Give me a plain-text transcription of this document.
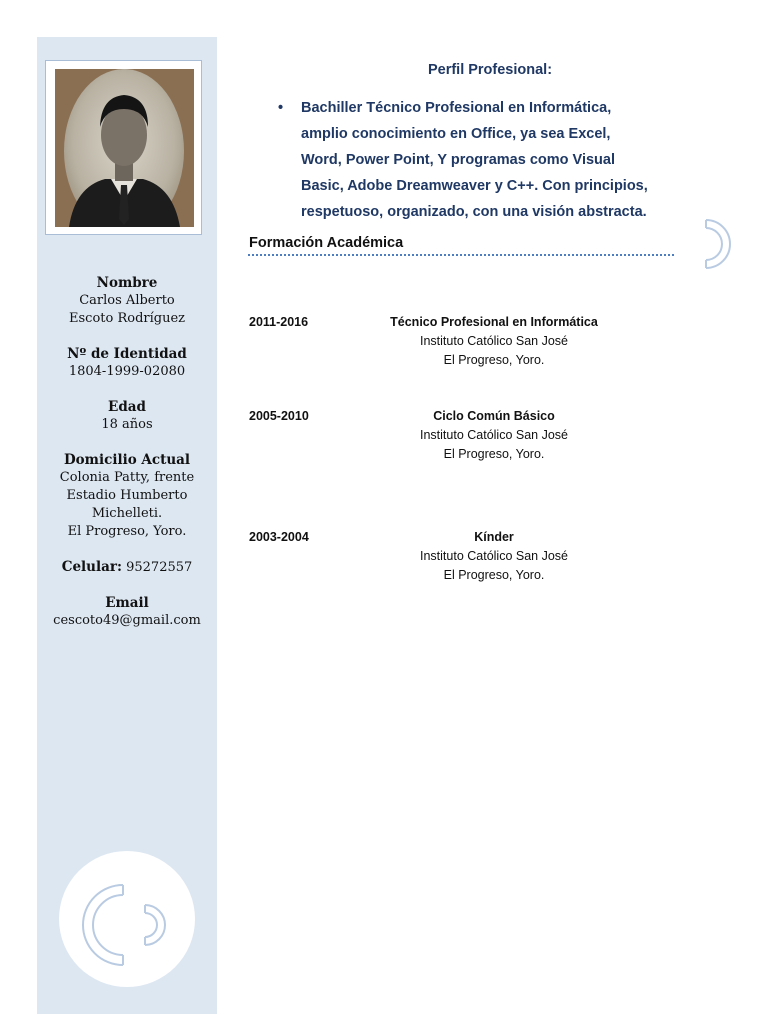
Nombre
Carlos Alberto
Escoto Rodríguez
Nº de Identidad
1804-1999-02080
Edad
18 años
Domicilio Actual
Colonia Patty, frente
Estadio Humberto
Michelleti.
El Progreso, Yoro.
Celular: 95272557
Email
cescoto49@gmail.com
Perfil Profesional:
• Bachiller Técnico Profesional en Informática,
amplio conocimiento en Office, ya sea Excel,
Word, Power Point, Y programas como Visual
Basic, Adobe Dreamweaver y C++. Con principios,
respetuoso, organizado, con una visión abstracta.
Formación Académica
2011-2016	Técnico Profesional en Informática
Instituto Católico San José
El Progreso, Yoro.
2005-2010	Ciclo Común Básico
Instituto Católico San José
El Progreso, Yoro.
2003-2004	Kínder
Instituto Católico San José
El Progreso, Yoro.
